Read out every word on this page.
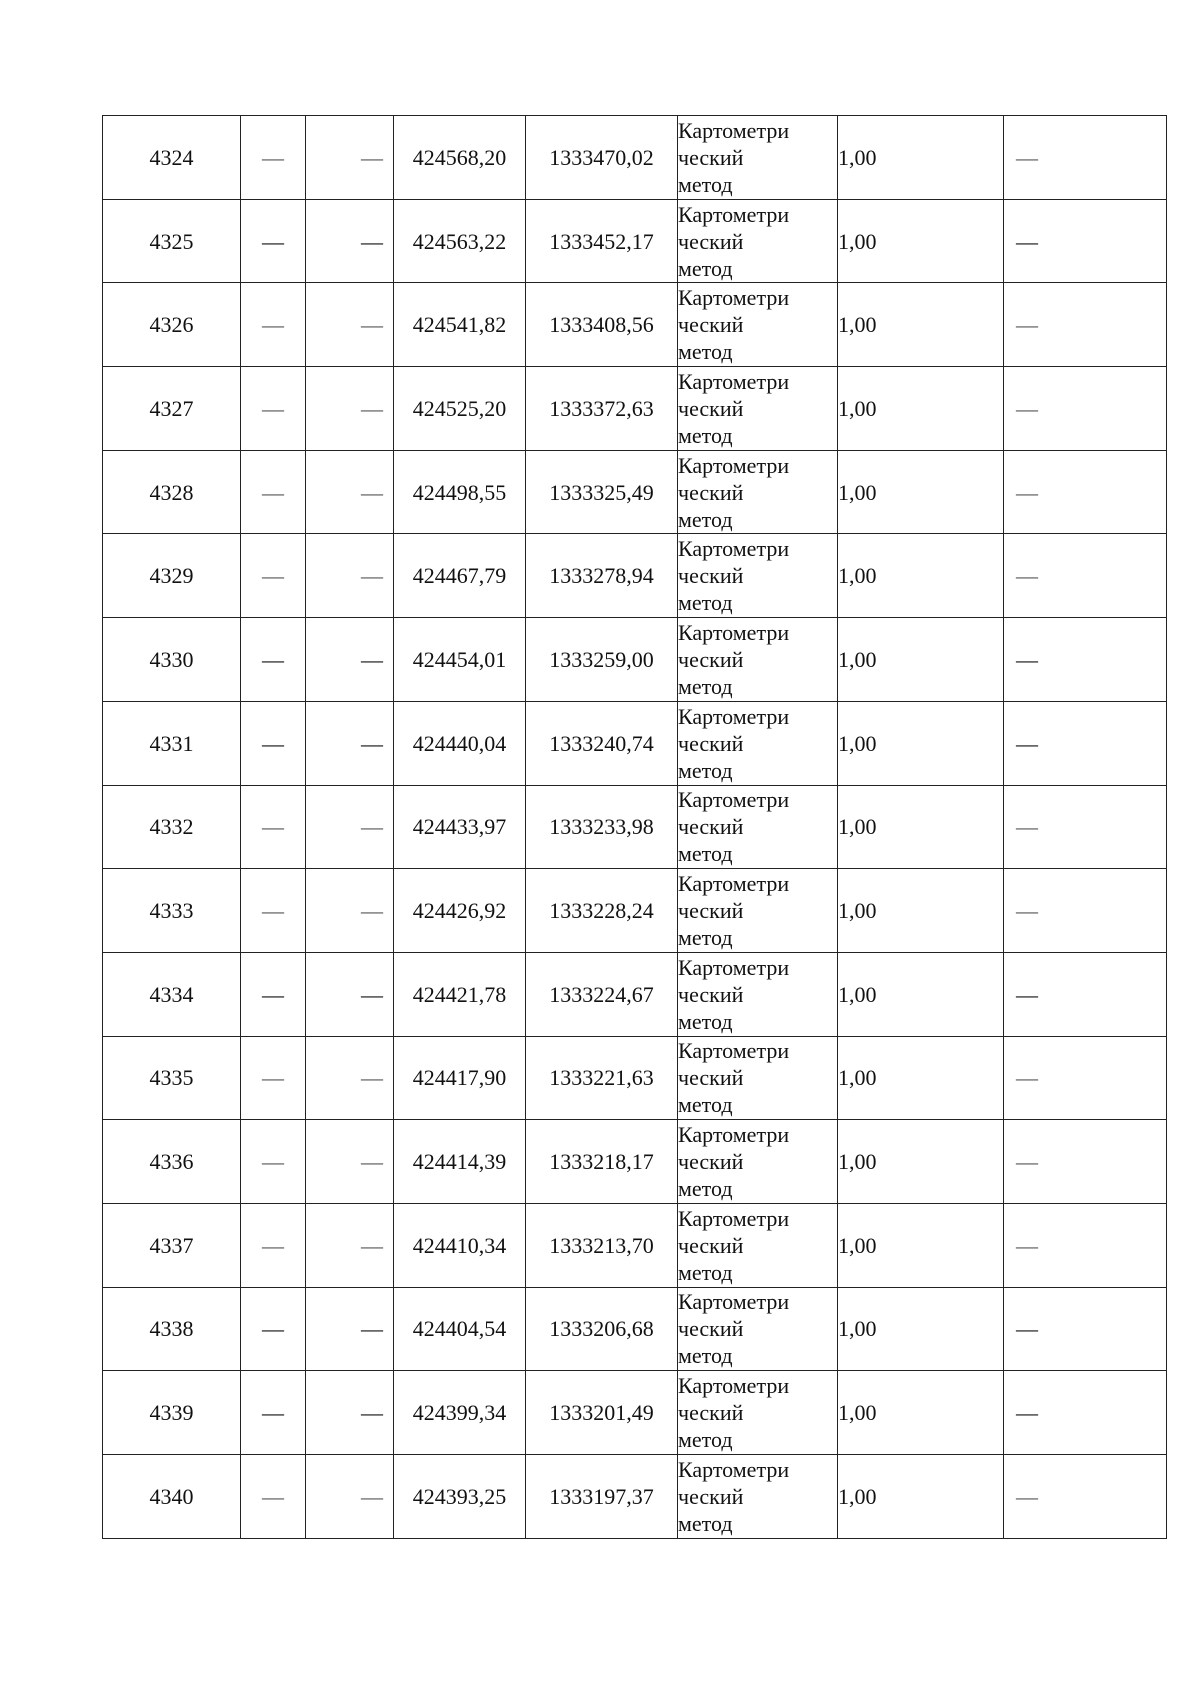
4324	—	—	424568,20	1333470,02	Картометри
ческий
метод	1,00	—
4325	—	—	424563,22	1333452,17	Картометри
ческий
метод	1,00	—
4326	—	—	424541,82	1333408,56	Картометри
ческий
метод	1,00	—
4327	—	—	424525,20	1333372,63	Картометри
ческий
метод	1,00	—
4328	—	—	424498,55	1333325,49	Картометри
ческий
метод	1,00	—
4329	—	—	424467,79	1333278,94	Картометри
ческий
метод	1,00	—
4330	—	—	424454,01	1333259,00	Картометри
ческий
метод	1,00	—
4331	—	—	424440,04	1333240,74	Картометри
ческий
метод	1,00	—
4332	—	—	424433,97	1333233,98	Картометри
ческий
метод	1,00	—
4333	—	—	424426,92	1333228,24	Картометри
ческий
метод	1,00	—
4334	—	—	424421,78	1333224,67	Картометри
ческий
метод	1,00	—
4335	—	—	424417,90	1333221,63	Картометри
ческий
метод	1,00	—
4336	—	—	424414,39	1333218,17	Картометри
ческий
метод	1,00	—
4337	—	—	424410,34	1333213,70	Картометри
ческий
метод	1,00	—
4338	—	—	424404,54	1333206,68	Картометри
ческий
метод	1,00	—
4339	—	—	424399,34	1333201,49	Картометри
ческий
метод	1,00	—
4340	—	—	424393,25	1333197,37	Картометри
ческий
метод	1,00	—
